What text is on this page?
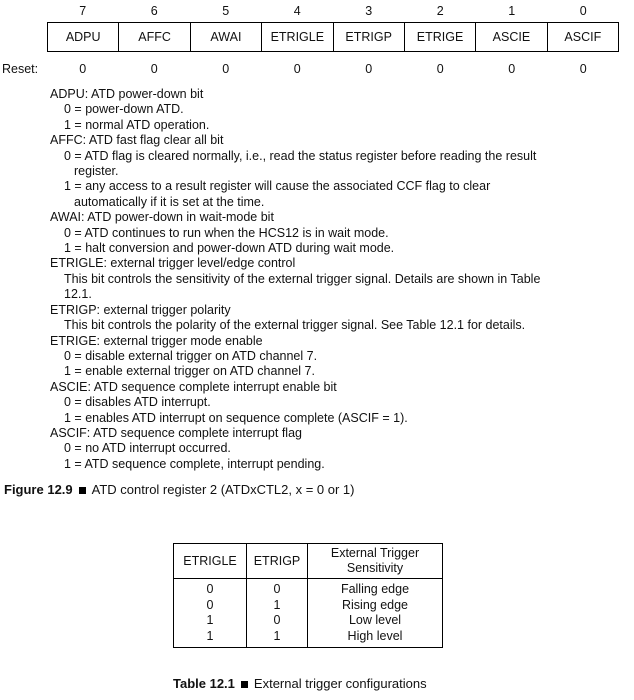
7	6	5	4	3	2	1	0
ADPU	AFFC	AWAI	ETRIGLE	ETRIGP	ETRIGE	ASCIE	ASCIF
Reset:	0	0	0	0	0	0	0	0
ADPU: ATD power-down bit
0 = power-down ATD.
1 = normal ATD operation.
AFFC: ATD fast flag clear all bit
0 = ATD flag is cleared normally, i.e., read the status register before reading the result
register.
1 = any access to a result register will cause the associated CCF flag to clear
automatically if it is set at the time.
AWAI: ATD power-down in wait-mode bit
0 = ATD continues to run when the HCS12 is in wait mode.
1 = halt conversion and power-down ATD during wait mode.
ETRIGLE: external trigger level/edge control
This bit controls the sensitivity of the external trigger signal. Details are shown in Table
12.1.
ETRIGP: external trigger polarity
This bit controls the polarity of the external trigger signal. See Table 12.1 for details.
ETRIGE: external trigger mode enable
0 = disable external trigger on ATD channel 7.
1 = enable external trigger on ATD channel 7.
ASCIE: ATD sequence complete interrupt enable bit
0 = disables ATD interrupt.
1 = enables ATD interrupt on sequence complete (ASCIF = 1).
ASCIF: ATD sequence complete interrupt flag
0 = no ATD interrupt occurred.
1 = ATD sequence complete, interrupt pending.
Figure 12.9 ATD control register 2 (ATDxCTL2, x = 0 or 1)
ETRIGLE	ETRIGP	External Trigger Sensitivity
0	0	Falling edge
0	1	Rising edge
1	0	Low level
1	1	High level
Table 12.1 External trigger configurations
